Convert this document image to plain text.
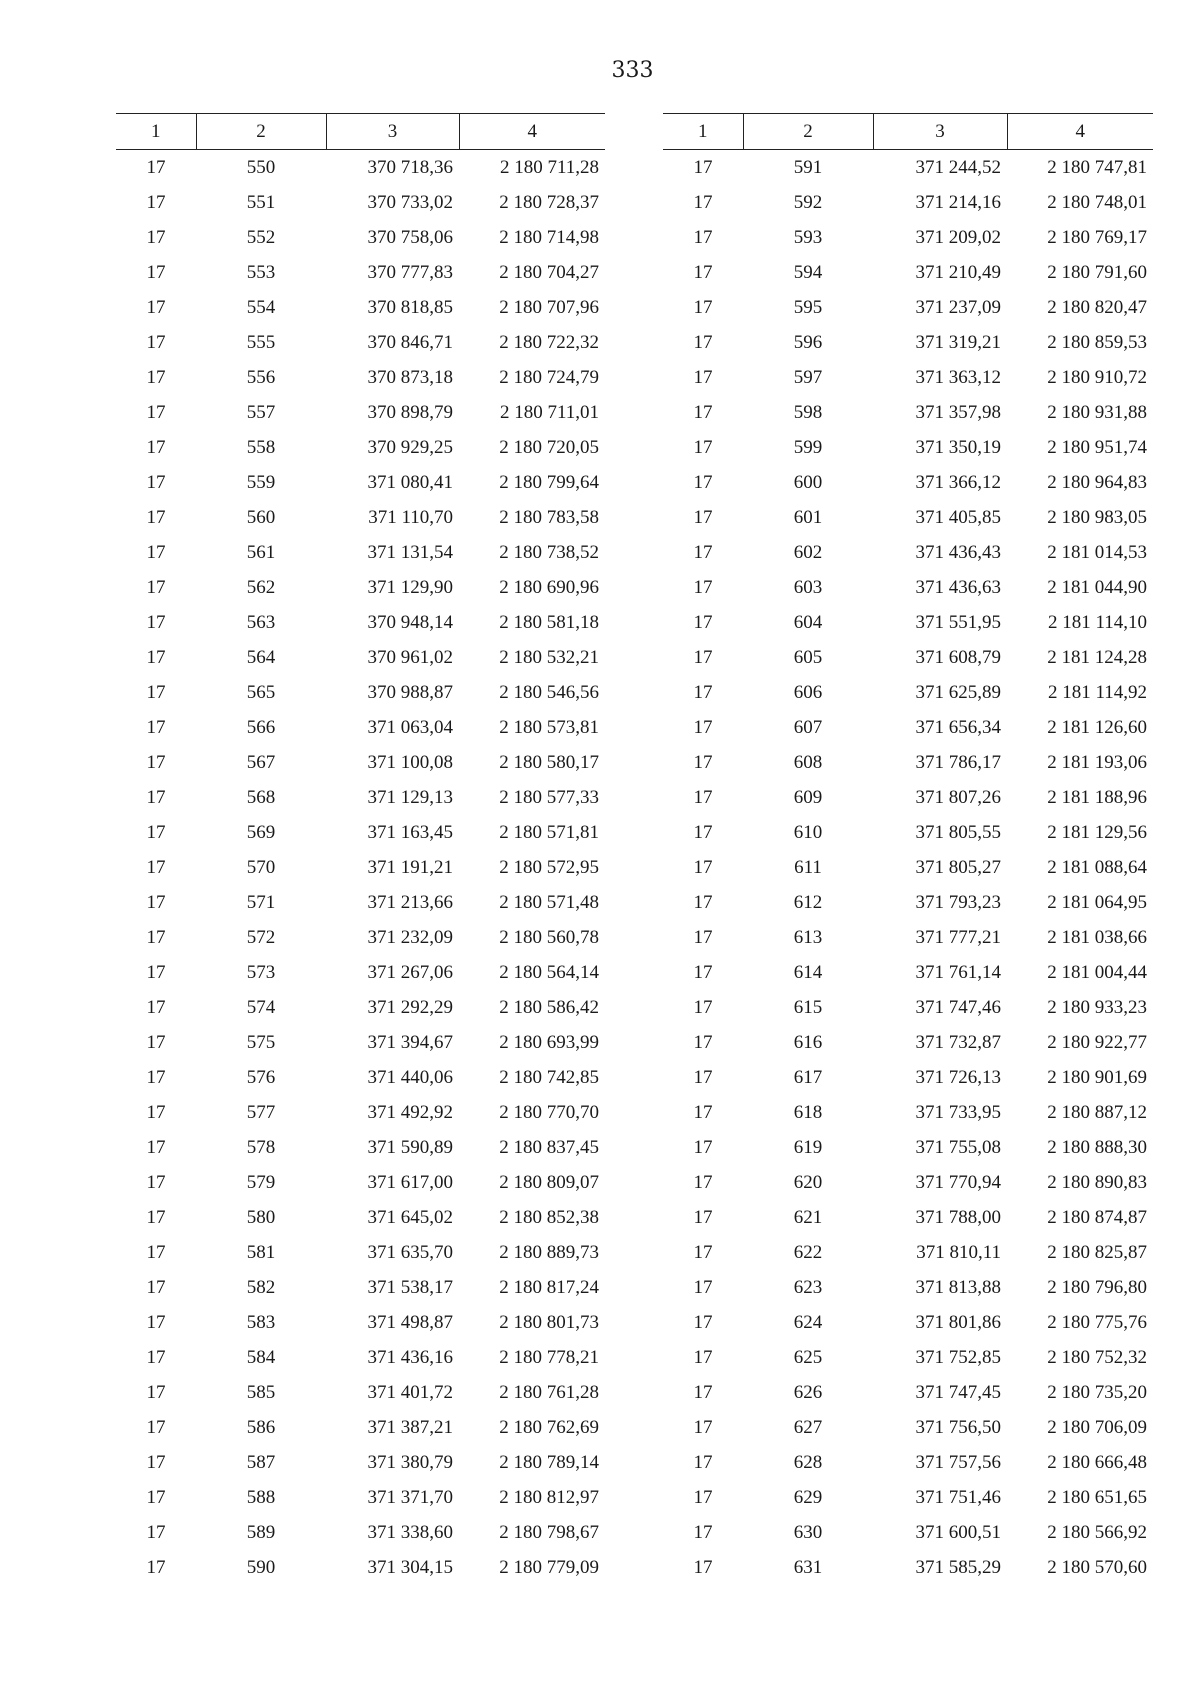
333
1	2	3	4
17	550	370 718,36	2 180 711,28
17	551	370 733,02	2 180 728,37
17	552	370 758,06	2 180 714,98
17	553	370 777,83	2 180 704,27
17	554	370 818,85	2 180 707,96
17	555	370 846,71	2 180 722,32
17	556	370 873,18	2 180 724,79
17	557	370 898,79	2 180 711,01
17	558	370 929,25	2 180 720,05
17	559	371 080,41	2 180 799,64
17	560	371 110,70	2 180 783,58
17	561	371 131,54	2 180 738,52
17	562	371 129,90	2 180 690,96
17	563	370 948,14	2 180 581,18
17	564	370 961,02	2 180 532,21
17	565	370 988,87	2 180 546,56
17	566	371 063,04	2 180 573,81
17	567	371 100,08	2 180 580,17
17	568	371 129,13	2 180 577,33
17	569	371 163,45	2 180 571,81
17	570	371 191,21	2 180 572,95
17	571	371 213,66	2 180 571,48
17	572	371 232,09	2 180 560,78
17	573	371 267,06	2 180 564,14
17	574	371 292,29	2 180 586,42
17	575	371 394,67	2 180 693,99
17	576	371 440,06	2 180 742,85
17	577	371 492,92	2 180 770,70
17	578	371 590,89	2 180 837,45
17	579	371 617,00	2 180 809,07
17	580	371 645,02	2 180 852,38
17	581	371 635,70	2 180 889,73
17	582	371 538,17	2 180 817,24
17	583	371 498,87	2 180 801,73
17	584	371 436,16	2 180 778,21
17	585	371 401,72	2 180 761,28
17	586	371 387,21	2 180 762,69
17	587	371 380,79	2 180 789,14
17	588	371 371,70	2 180 812,97
17	589	371 338,60	2 180 798,67
17	590	371 304,15	2 180 779,09
1	2	3	4
17	591	371 244,52	2 180 747,81
17	592	371 214,16	2 180 748,01
17	593	371 209,02	2 180 769,17
17	594	371 210,49	2 180 791,60
17	595	371 237,09	2 180 820,47
17	596	371 319,21	2 180 859,53
17	597	371 363,12	2 180 910,72
17	598	371 357,98	2 180 931,88
17	599	371 350,19	2 180 951,74
17	600	371 366,12	2 180 964,83
17	601	371 405,85	2 180 983,05
17	602	371 436,43	2 181 014,53
17	603	371 436,63	2 181 044,90
17	604	371 551,95	2 181 114,10
17	605	371 608,79	2 181 124,28
17	606	371 625,89	2 181 114,92
17	607	371 656,34	2 181 126,60
17	608	371 786,17	2 181 193,06
17	609	371 807,26	2 181 188,96
17	610	371 805,55	2 181 129,56
17	611	371 805,27	2 181 088,64
17	612	371 793,23	2 181 064,95
17	613	371 777,21	2 181 038,66
17	614	371 761,14	2 181 004,44
17	615	371 747,46	2 180 933,23
17	616	371 732,87	2 180 922,77
17	617	371 726,13	2 180 901,69
17	618	371 733,95	2 180 887,12
17	619	371 755,08	2 180 888,30
17	620	371 770,94	2 180 890,83
17	621	371 788,00	2 180 874,87
17	622	371 810,11	2 180 825,87
17	623	371 813,88	2 180 796,80
17	624	371 801,86	2 180 775,76
17	625	371 752,85	2 180 752,32
17	626	371 747,45	2 180 735,20
17	627	371 756,50	2 180 706,09
17	628	371 757,56	2 180 666,48
17	629	371 751,46	2 180 651,65
17	630	371 600,51	2 180 566,92
17	631	371 585,29	2 180 570,60
